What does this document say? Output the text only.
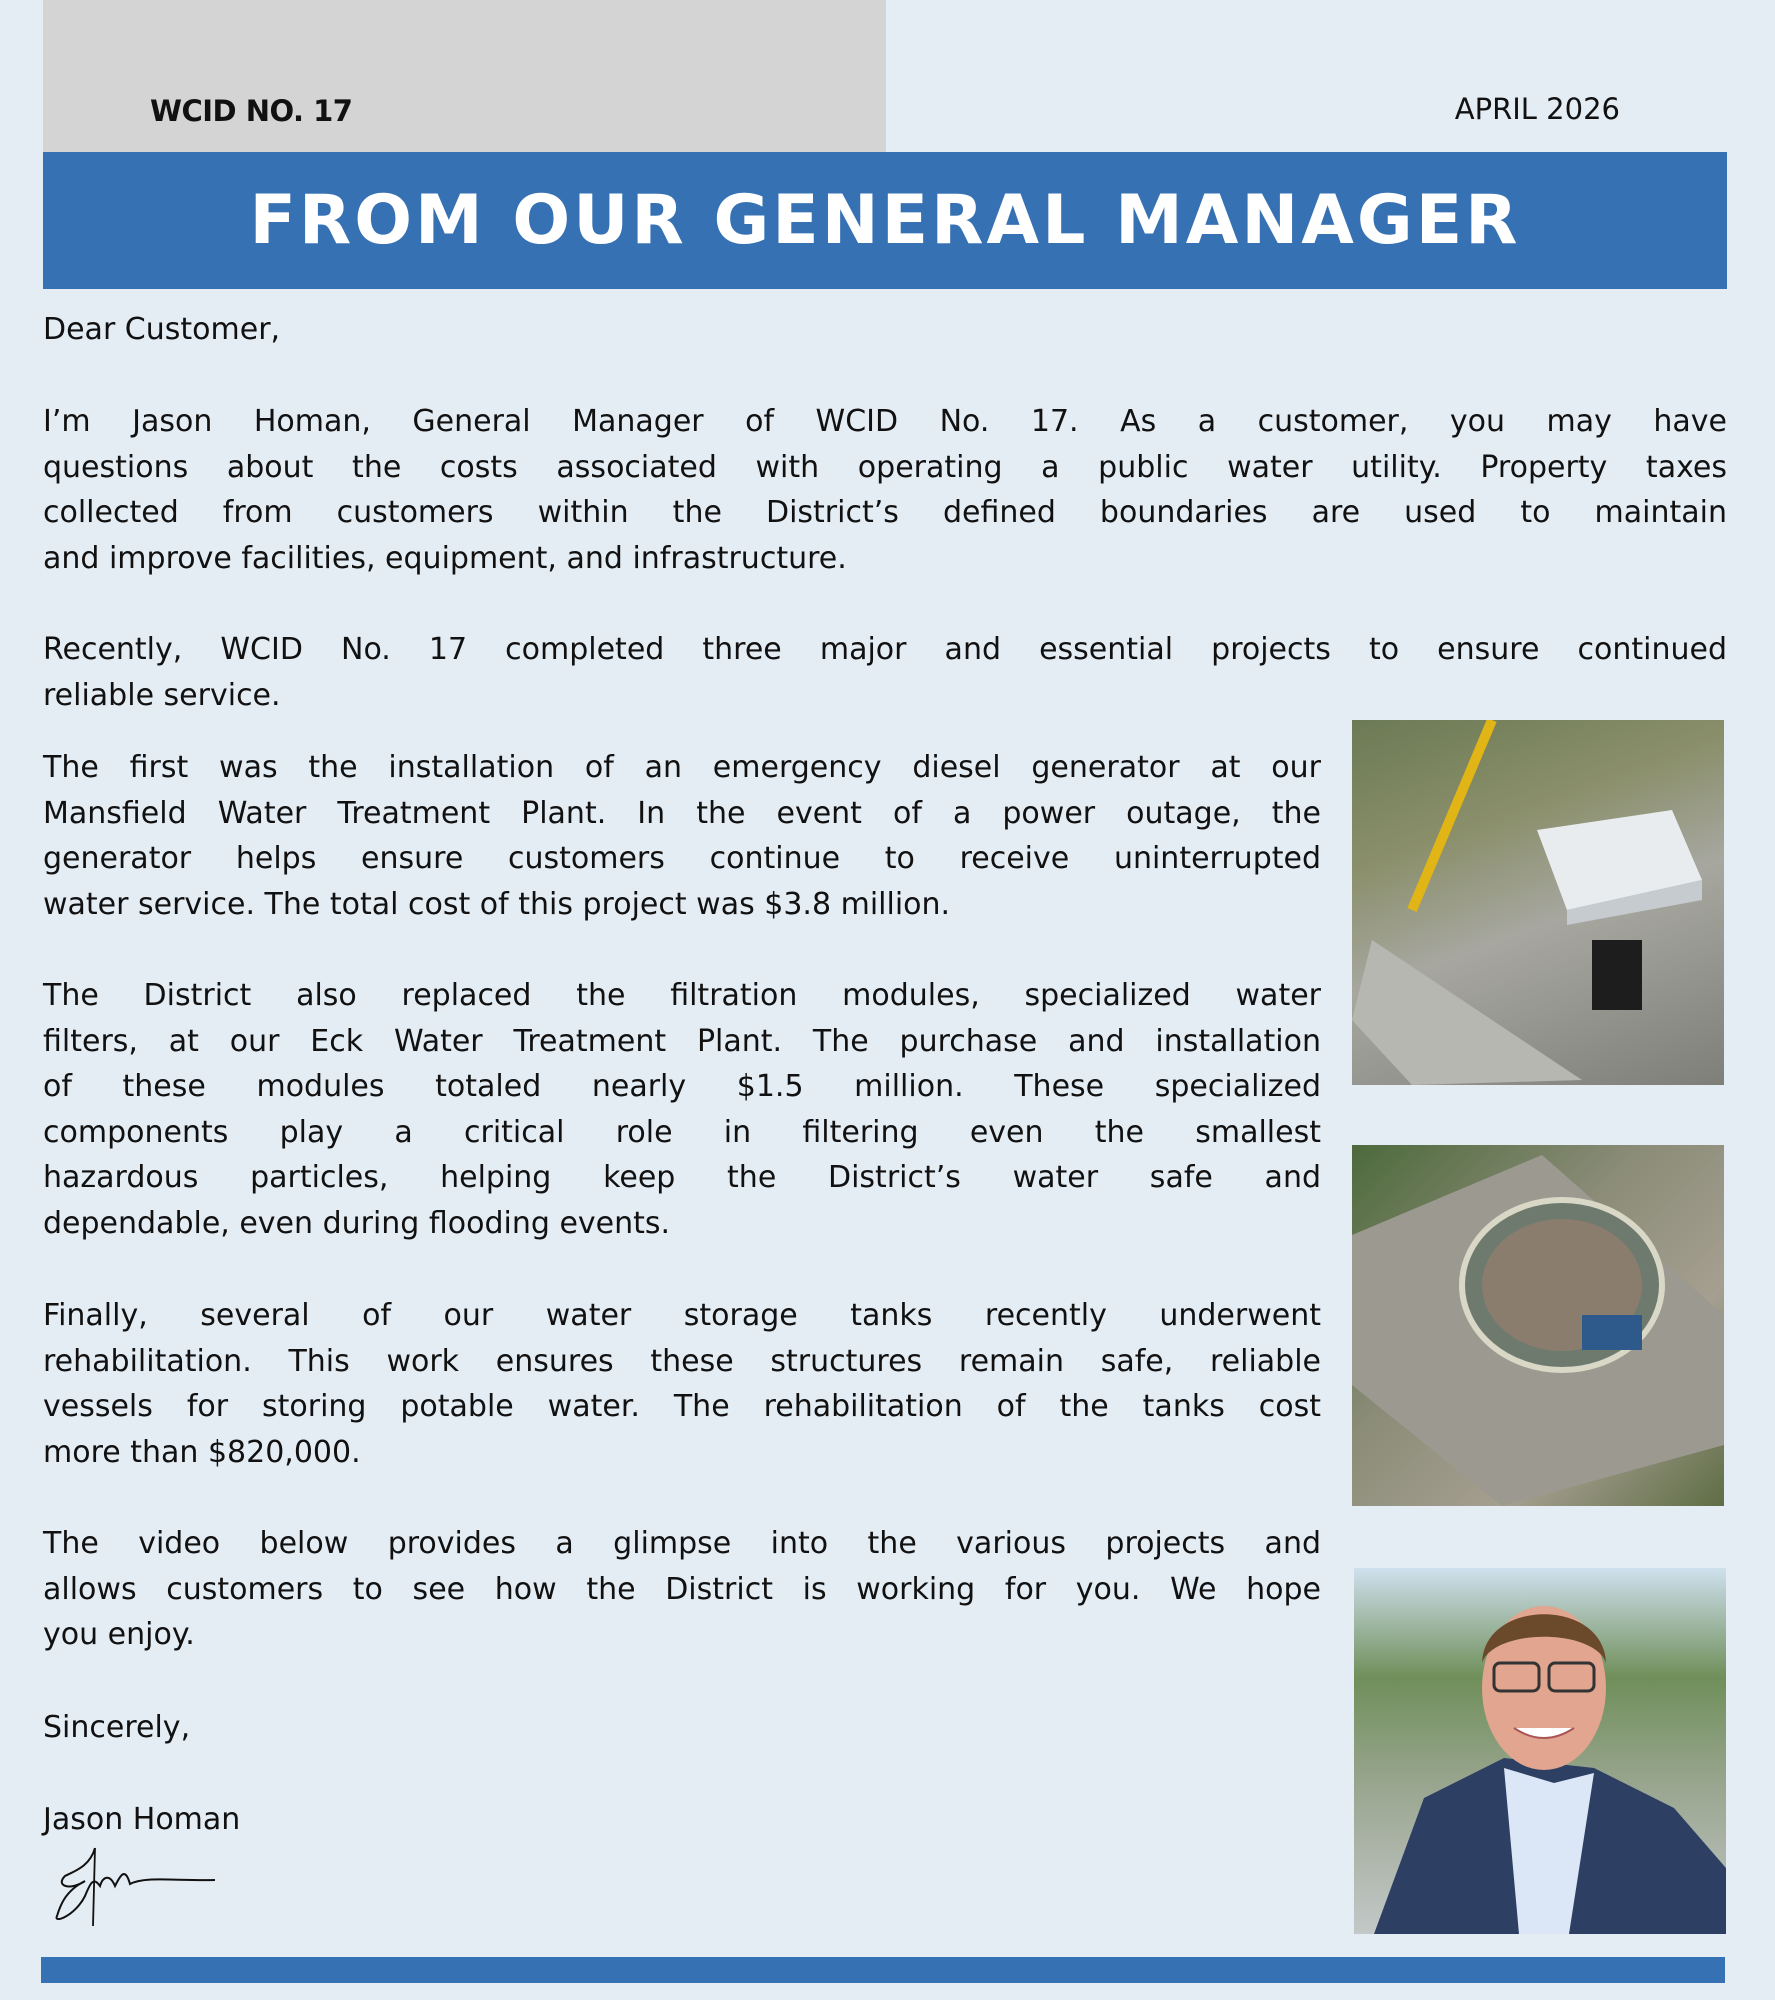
WCID NO. 17	APRIL 2026
FROM OUR GENERAL MANAGER
Dear Customer,
I’m Jason Homan, General Manager of WCID No. 17. As a customer, you may have
questions about the costs associated with operating a public water utility. Property taxes
collected from customers within the District’s defined boundaries are used to maintain
and improve facilities, equipment, and infrastructure.
Recently, WCID No. 17 completed three major and essential projects to ensure continued
reliable service.
The first was the installation of an emergency diesel generator at our
Mansfield Water Treatment Plant. In the event of a power outage, the
generator helps ensure customers continue to receive uninterrupted
water service. The total cost of this project was $3.8 million.
The District also replaced the filtration modules, specialized water
filters, at our Eck Water Treatment Plant. The purchase and installation
of these modules totaled nearly $1.5 million. These specialized
components play a critical role in filtering even the smallest
hazardous particles, helping keep the District’s water safe and
dependable, even during flooding events.
Finally, several of our water storage tanks recently underwent
rehabilitation. This work ensures these structures remain safe, reliable
vessels for storing potable water. The rehabilitation of the tanks cost
more than $820,000.
The video below provides a glimpse into the various projects and
allows customers to see how the District is working for you. We hope
you enjoy.
Sincerely,
Jason Homan
